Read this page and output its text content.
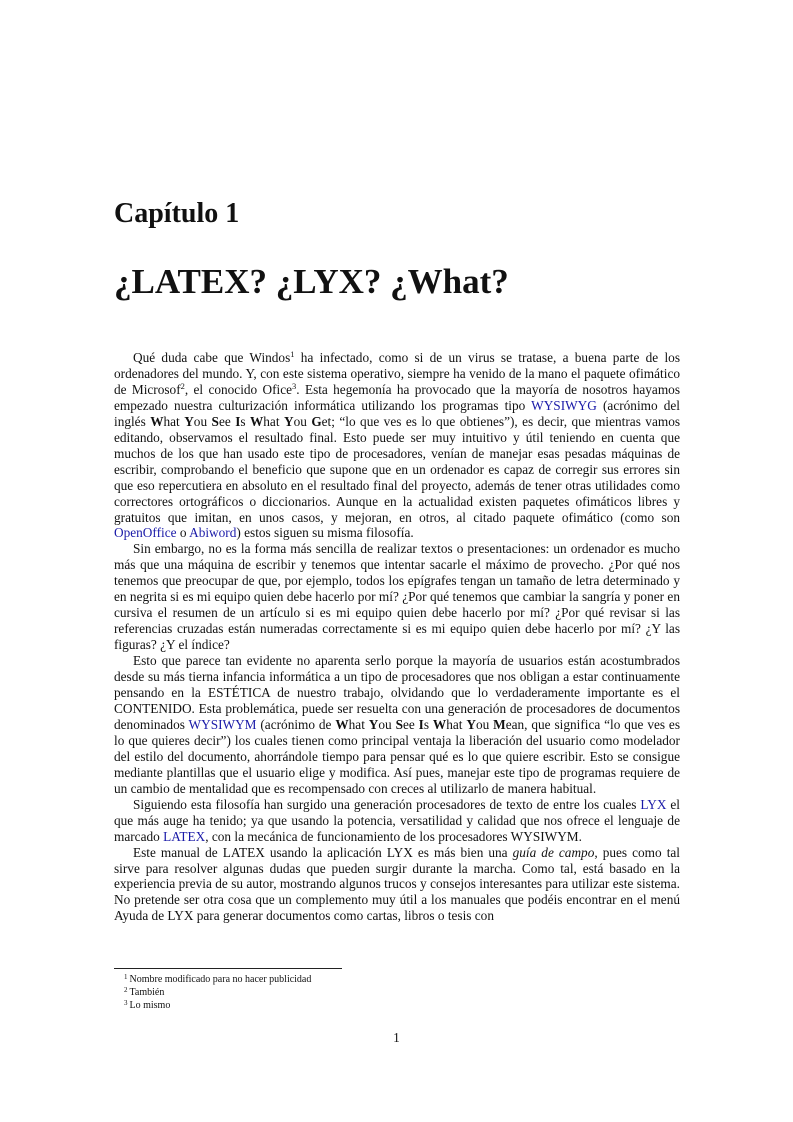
Capítulo 1
¿LATEX? ¿LYX? ¿What?

Qué duda cabe que Windos$^1$ ha infectado, como si de un virus se tratase, a buena parte de los ordenadores del mundo. Y, con este sistema operativo, siempre ha venido de la mano el paquete ofimático de Microsof$^2$, el conocido Ofice$^3$. Esta hegemonía ha provocado que la mayoría de nosotros hayamos empezado nuestra culturización informática utilizando los programas tipo WYSIWYG (acrónimo del inglés What You See Is What You Get; “lo que ves es lo que obtienes”), es decir, que mientras vamos editando, observamos el resultado final. Esto puede ser muy intuitivo y útil teniendo en cuenta que muchos de los que han usado este tipo de procesadores, venían de manejar esas pesadas máquinas de escribir, comprobando el beneficio que supone que en un ordenador es capaz de corregir sus errores sin que eso repercutiera en absoluto en el resultado final del proyecto, además de tener otras utilidades como correctores ortográficos o diccionarios. Aunque en la actualidad existen paquetes ofimáticos libres y gratuitos que imitan, en unos casos, y mejoran, en otros, al citado paquete ofimático (como son OpenOffice o Abiword) estos siguen su misma filosofía.

Sin embargo, no es la forma más sencilla de realizar textos o presentaciones: un ordenador es mucho más que una máquina de escribir y tenemos que intentar sacarle el máximo de provecho. ¿Por qué nos tenemos que preocupar de que, por ejemplo, todos los epígrafes tengan un tamaño de letra determinado y en negrita si es mi equipo quien debe hacerlo por mí? ¿Por qué tenemos que cambiar la sangría y poner en cursiva el resumen de un artículo si es mi equipo quien debe hacerlo por mí? ¿Por qué revisar si las referencias cruzadas están numeradas correctamente si es mi equipo quien debe hacerlo por mí? ¿Y las figuras? ¿Y el índice?

Esto que parece tan evidente no aparenta serlo porque la mayoría de usuarios están acostumbrados desde su más tierna infancia informática a un tipo de procesadores que nos obligan a estar continuamente pensando en la ESTÉTICA de nuestro trabajo, olvidando que lo verdaderamente importante es el CONTENIDO. Esta problemática, puede ser resuelta con una generación de procesadores de documentos denominados WYSIWYM (acrónimo de What You See Is What You Mean, que significa “lo que ves es lo que quieres decir”) los cuales tienen como principal ventaja la liberación del usuario como modelador del estilo del documento, ahorrándole tiempo para pensar qué es lo que quiere escribir. Esto se consigue mediante plantillas que el usuario elige y modifica. Así pues, manejar este tipo de programas requiere de un cambio de mentalidad que es recompensado con creces al utilizarlo de manera habitual.

Siguiendo esta filosofía han surgido una generación procesadores de texto de entre los cuales LYX el que más auge ha tenido; ya que usando la potencia, versatilidad y calidad que nos ofrece el lenguaje de marcado LATEX, con la mecánica de funcionamiento de los procesadores WYSIWYM.

Este manual de LATEX usando la aplicación LYX es más bien una guía de campo, pues como tal sirve para resolver algunas dudas que pueden surgir durante la marcha. Como tal, está basado en la experiencia previa de su autor, mostrando algunos trucos y consejos interesantes para utilizar este sistema. No pretende ser otra cosa que un complemento muy útil a los manuales que podéis encontrar en el menú Ayuda de LYX para generar documentos como cartas, libros o tesis con

$^1$ Nombre modificado para no hacer publicidad
$^2$ También
$^3$ Lo mismo
1
